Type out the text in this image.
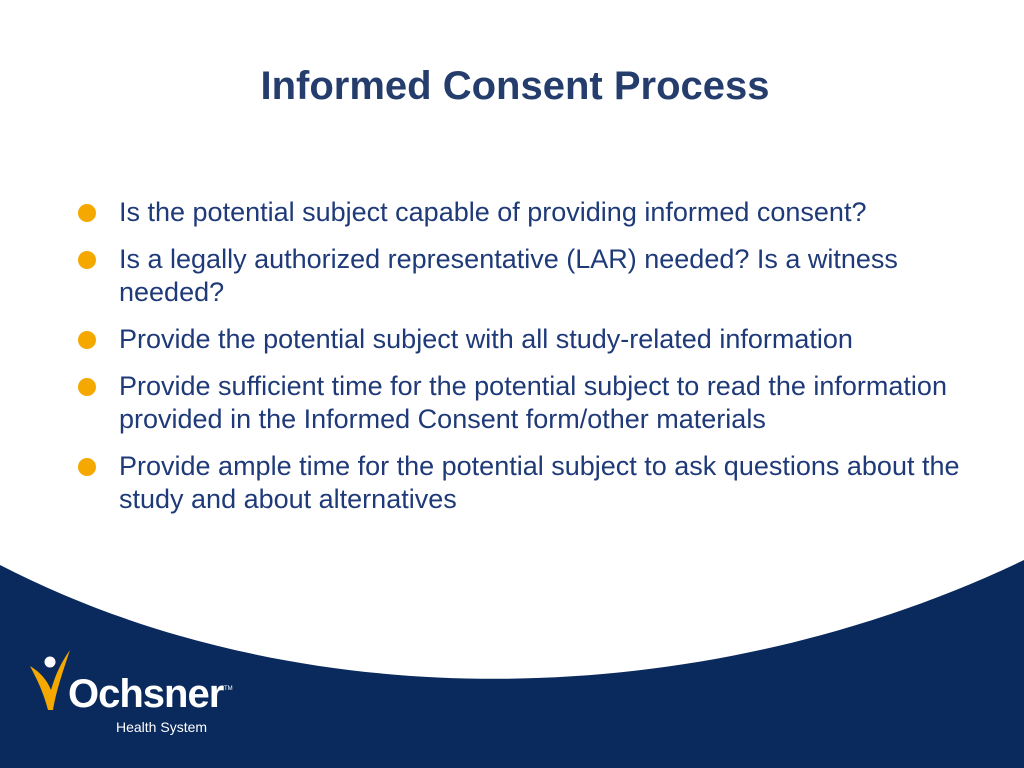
Informed Consent Process
Is the potential subject capable of providing informed consent?
Is a legally authorized representative (LAR) needed? Is a witness needed?
Provide the potential subject with all study-related information
Provide sufficient time for the potential subject to read the information provided in the Informed Consent form/other materials
Provide ample time for the potential subject to ask questions about the study and about alternatives
Ochsner TM
Health System
